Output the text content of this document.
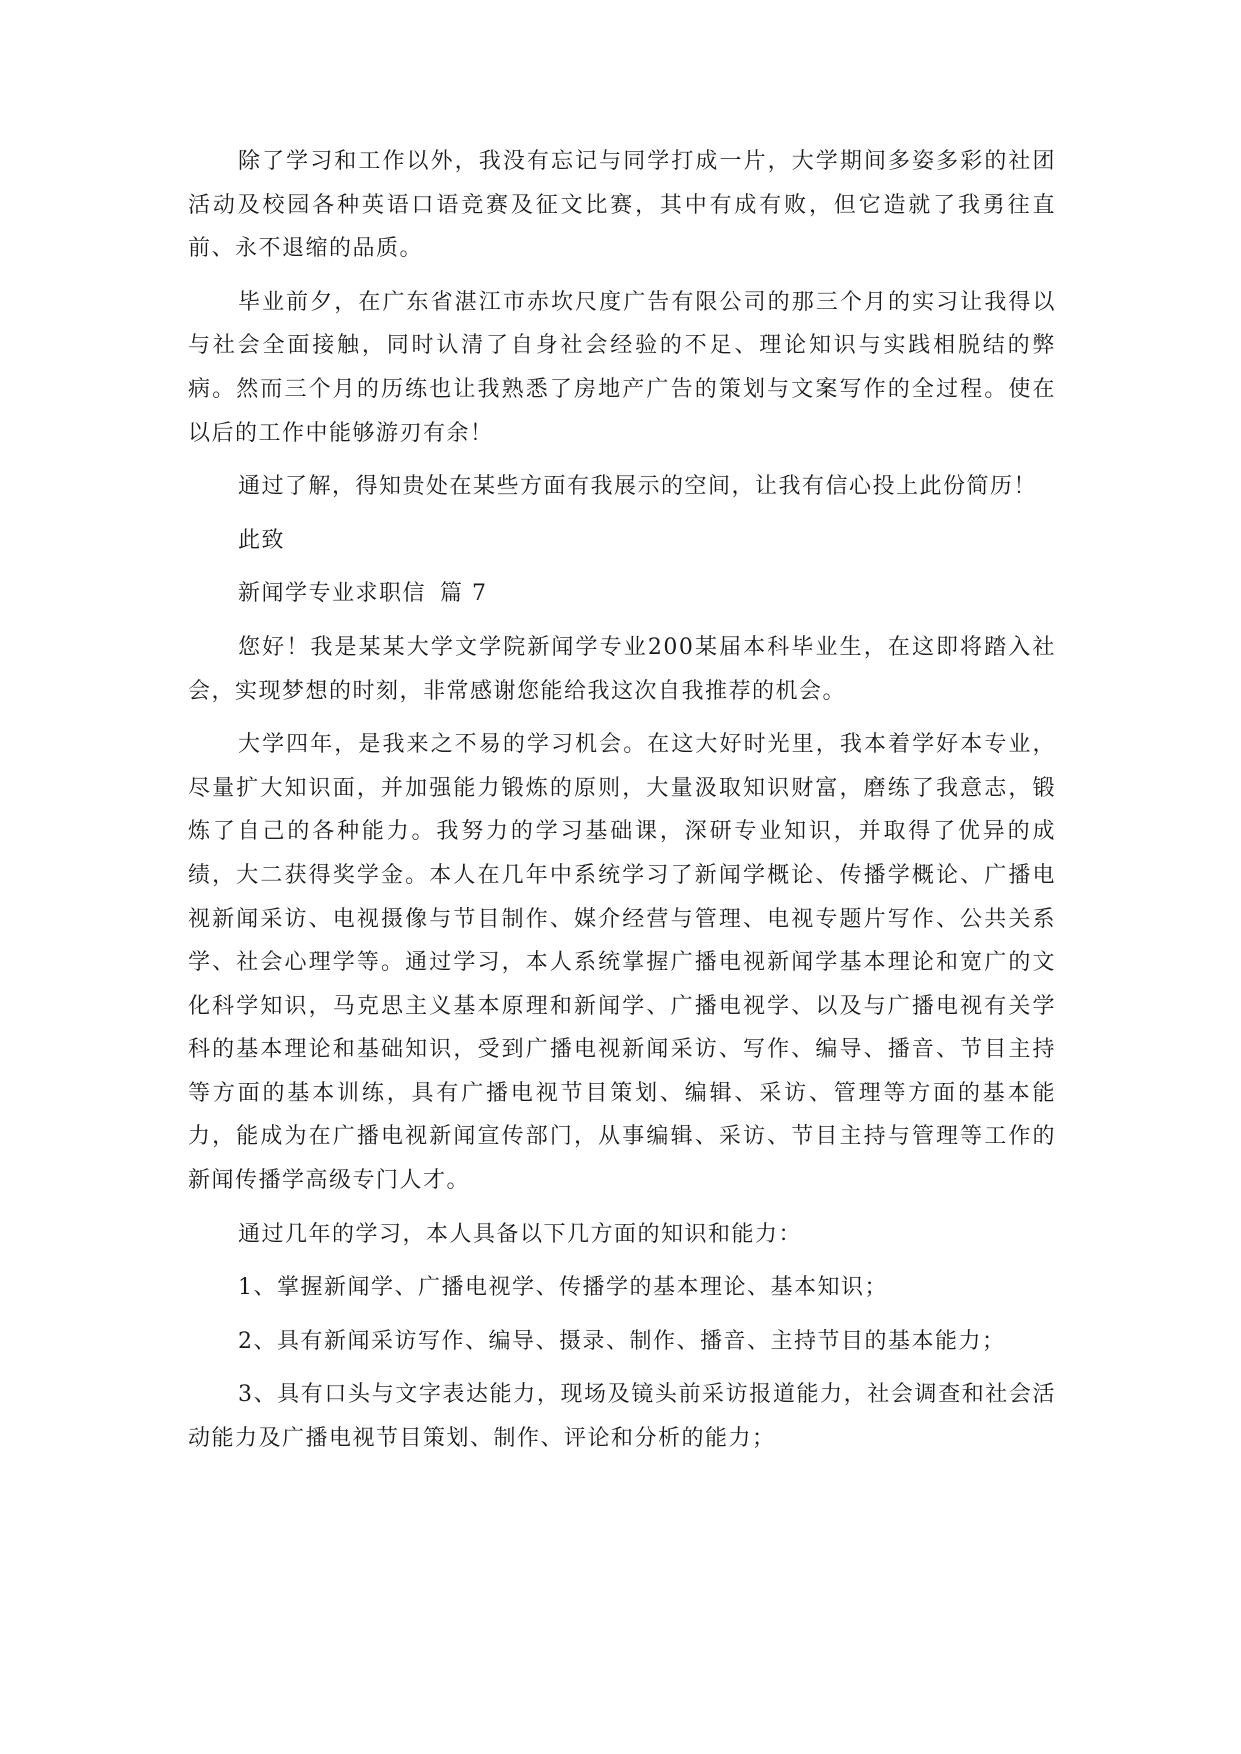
除了学习和工作以外，我没有忘记与同学打成一片，大学期间多姿多彩的社团活动及校园各种英语口语竞赛及征文比赛，其中有成有败，但它造就了我勇往直前、永不退缩的品质。

毕业前夕，在广东省湛江市赤坎尺度广告有限公司的那三个月的实习让我得以与社会全面接触，同时认清了自身社会经验的不足、理论知识与实践相脱结的弊病。然而三个月的历练也让我熟悉了房地产广告的策划与文案写作的全过程。使在以后的工作中能够游刃有余！

通过了解，得知贵处在某些方面有我展示的空间，让我有信心投上此份简历！

此致

新闻学专业求职信 篇 7

您好！我是某某大学文学院新闻学专业200某届本科毕业生，在这即将踏入社会，实现梦想的时刻，非常感谢您能给我这次自我推荐的机会。

大学四年，是我来之不易的学习机会。在这大好时光里，我本着学好本专业，尽量扩大知识面，并加强能力锻炼的原则，大量汲取知识财富，磨练了我意志，锻炼了自己的各种能力。我努力的学习基础课，深研专业知识，并取得了优异的成绩，大二获得奖学金。本人在几年中系统学习了新闻学概论、传播学概论、广播电视新闻采访、电视摄像与节目制作、媒介经营与管理、电视专题片写作、公共关系学、社会心理学等。通过学习，本人系统掌握广播电视新闻学基本理论和宽广的文化科学知识，马克思主义基本原理和新闻学、广播电视学、以及与广播电视有关学科的基本理论和基础知识，受到广播电视新闻采访、写作、编导、播音、节目主持等方面的基本训练，具有广播电视节目策划、编辑、采访、管理等方面的基本能力，能成为在广播电视新闻宣传部门，从事编辑、采访、节目主持与管理等工作的新闻传播学高级专门人才。

通过几年的学习，本人具备以下几方面的知识和能力：

1、掌握新闻学、广播电视学、传播学的基本理论、基本知识；

2、具有新闻采访写作、编导、摄录、制作、播音、主持节目的基本能力；

3、具有口头与文字表达能力，现场及镜头前采访报道能力，社会调查和社会活动能力及广播电视节目策划、制作、评论和分析的能力；
